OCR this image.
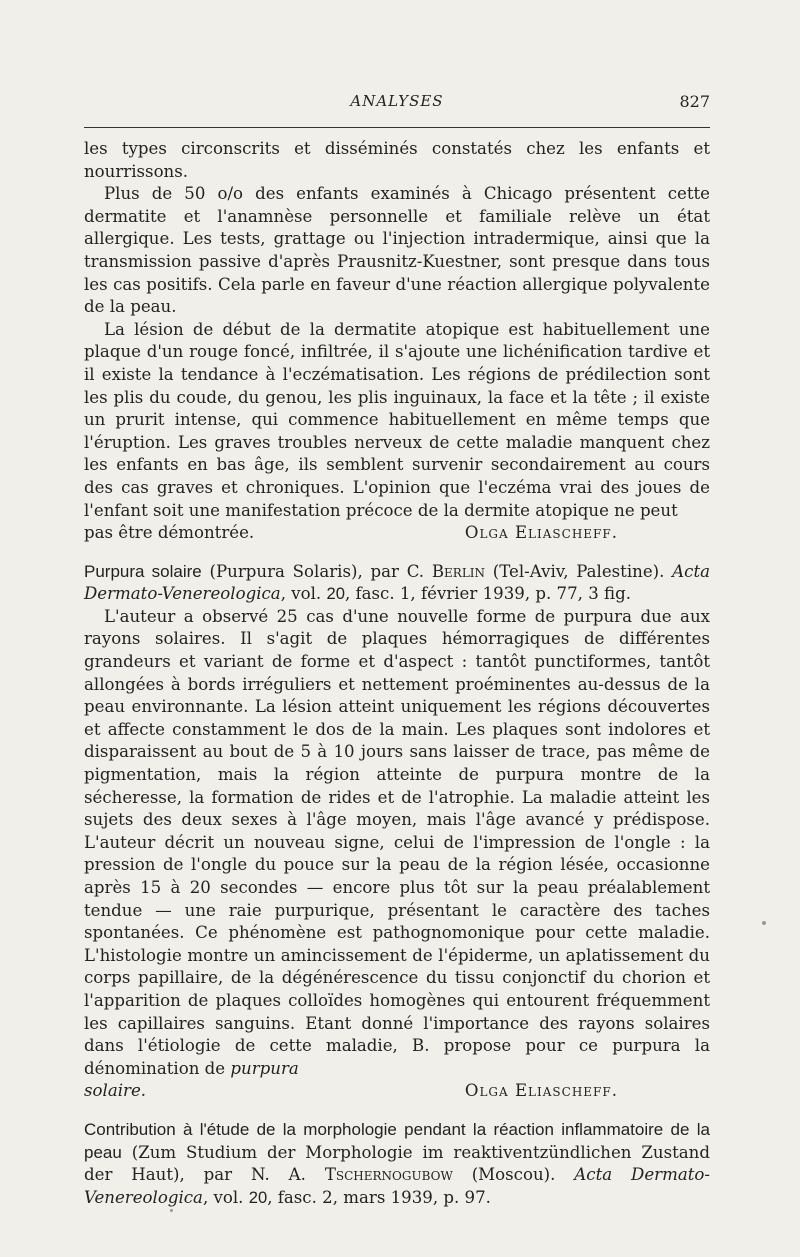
ANALYSES	827

les types circonscrits et disséminés constatés chez les enfants et nourrissons.

Plus de 50 o/o des enfants examinés à Chicago présentent cette dermatite et l'anamnèse personnelle et familiale relève un état allergique. Les tests, grattage ou l'injection intradermique, ainsi que la transmission passive d'après Prausnitz-Kuestner, sont presque dans tous les cas positifs. Cela parle en faveur d'une réaction allergique polyvalente de la peau.

La lésion de début de la dermatite atopique est habituellement une plaque d'un rouge foncé, infiltrée, il s'ajoute une lichénification tardive et il existe la tendance à l'eczématisation. Les régions de prédilection sont les plis du coude, du genou, les plis inguinaux, la face et la tête ; il existe un prurit intense, qui commence habituellement en même temps que l'éruption. Les graves troubles nerveux de cette maladie manquent chez les enfants en bas âge, ils semblent survenir secondairement au cours des cas graves et chroniques. L'opinion que l'eczéma vrai des joues de l'enfant soit une manifestation précoce de la dermite atopique ne peut

pas être démontrée.	Olga Eliascheff.

Purpura solaire (Purpura Solaris), par C. Berlin (Tel-Aviv, Palestine). Acta Dermato-Venereologica, vol. 20, fasc. 1, février 1939, p. 77, 3 fig.

L'auteur a observé 25 cas d'une nouvelle forme de purpura due aux rayons solaires. Il s'agit de plaques hémorragiques de différentes grandeurs et variant de forme et d'aspect : tantôt punctiformes, tantôt allongées à bords irréguliers et nettement proéminentes au-dessus de la peau environnante. La lésion atteint uniquement les régions découvertes et affecte constamment le dos de la main. Les plaques sont indolores et disparaissent au bout de 5 à 10 jours sans laisser de trace, pas même de pigmentation, mais la région atteinte de purpura montre de la sécheresse, la formation de rides et de l'atrophie. La maladie atteint les sujets des deux sexes à l'âge moyen, mais l'âge avancé y prédispose. L'auteur décrit un nouveau signe, celui de l'impression de l'ongle : la pression de l'ongle du pouce sur la peau de la région lésée, occasionne après 15 à 20 secondes — encore plus tôt sur la peau préalablement tendue — une raie purpurique, présentant le caractère des taches spontanées. Ce phénomène est pathognomonique pour cette maladie. L'histologie montre un amincissement de l'épiderme, un aplatissement du corps papillaire, de la dégénérescence du tissu conjonctif du chorion et l'apparition de plaques colloïdes homogènes qui entourent fréquemment les capillaires sanguins. Etant donné l'importance des rayons solaires dans l'étiologie de cette maladie, B. propose pour ce purpura la dénomination de purpura

solaire.	Olga Eliascheff.

Contribution à l'étude de la morphologie pendant la réaction inflammatoire de la peau (Zum Studium der Morphologie im reaktiventzündlichen Zustand der Haut), par N. A. Tschernogubow (Moscou). Acta Dermato-Venereologica, vol. 20, fasc. 2, mars 1939, p. 97.
